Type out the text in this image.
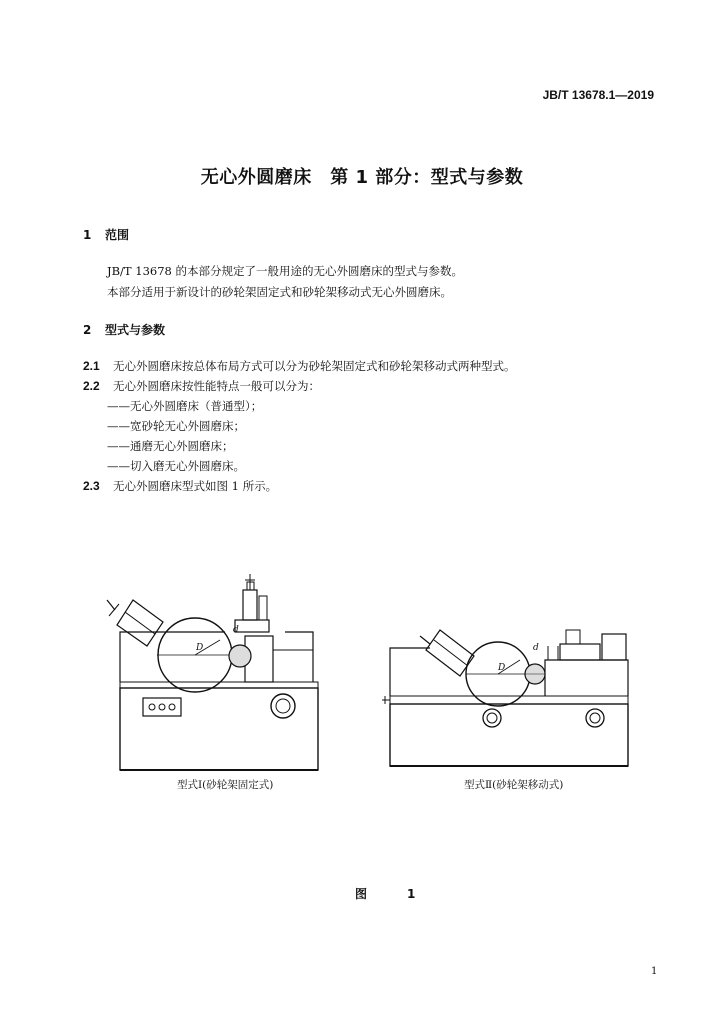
JB/T 13678.1—2019
无心外圆磨床　第 1 部分：型式与参数
1 范围
JB/T 13678 的本部分规定了一般用途的无心外圆磨床的型式与参数。
本部分适用于新设计的砂轮架固定式和砂轮架移动式无心外圆磨床。
2 型式与参数
2.1 无心外圆磨床按总体布局方式可以分为砂轮架固定式和砂轮架移动式两种型式。
2.2 无心外圆磨床按性能特点一般可以分为：
——无心外圆磨床（普通型）；
——宽砂轮无心外圆磨床；
——通磨无心外圆磨床；
——切入磨无心外圆磨床。
2.3 无心外圆磨床型式如图 1 所示。
D
d
型式Ⅰ(砂轮架固定式)
D
d
型式Ⅱ(砂轮架移动式)
图　1
1
